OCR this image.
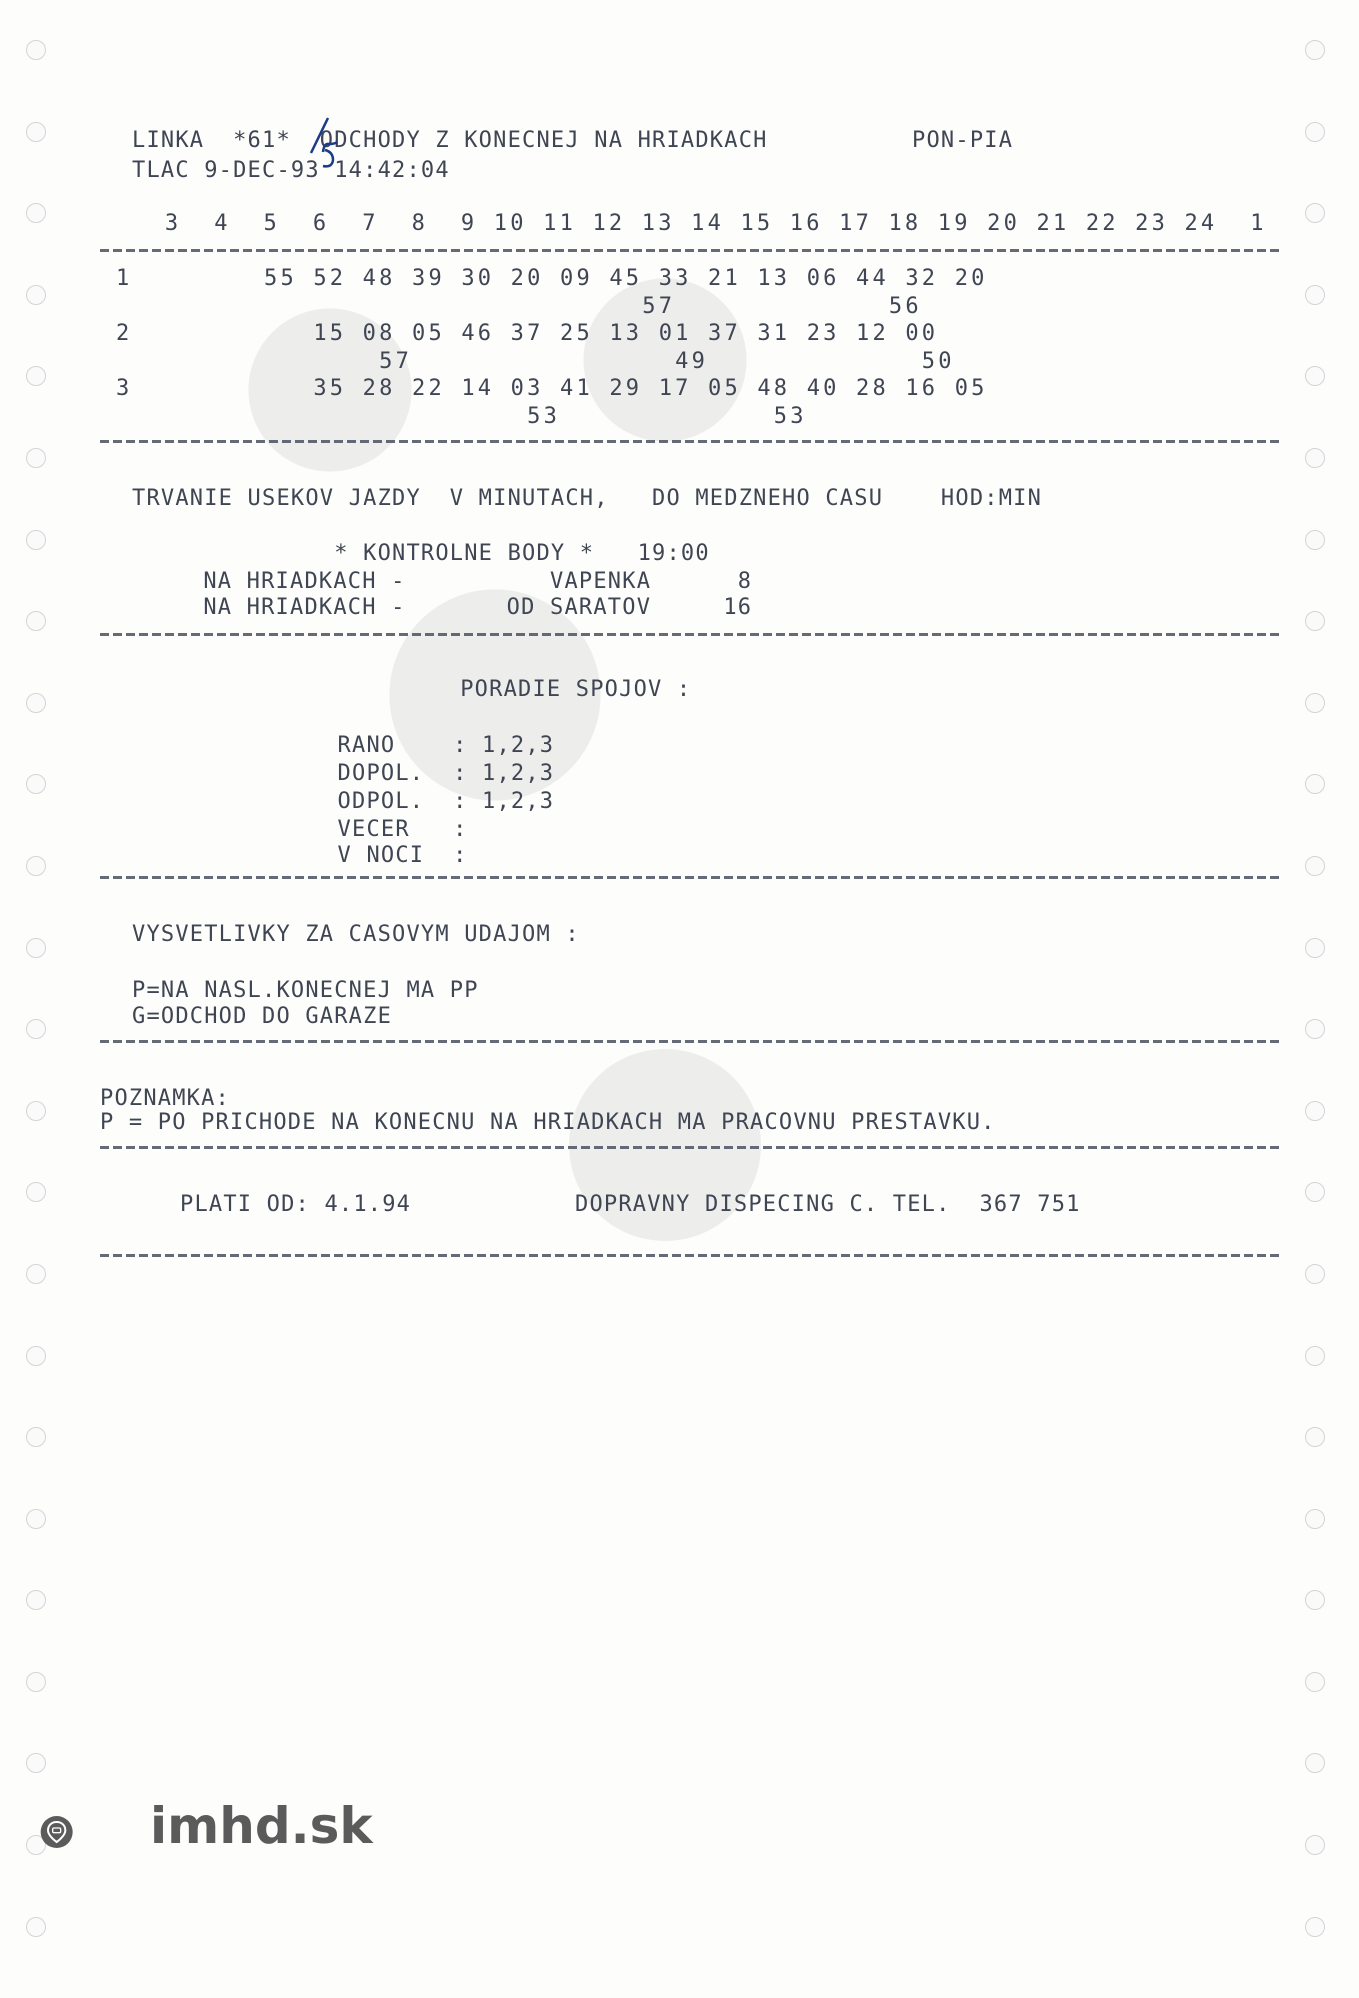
LINKA  *61*  ODCHODY Z KONECNEJ NA HRIADKACH          PON-PIA
TLAC 9-DEC-93 14:42:04
3  4  5  6  7  8  9 10 11 12 13 14 15 16 17 18 19 20 21 22 23 24  1
1        55 52 48 39 30 20 09 45 33 21 13 06 44 32 20
57             56
2           15 08 05 46 37 25 13 01 37 31 23 12 00
57                49             50
3           35 28 22 14 03 41 29 17 05 48 40 28 16 05
53             53
TRVANIE USEKOV JAZDY  V MINUTACH,   DO MEDZNEHO CASU    HOD:MIN
* KONTROLNE BODY *   19:00
NA HRIADKACH -          VAPENKA      8
NA HRIADKACH -       OD SARATOV     16
PORADIE SPOJOV :
RANO    : 1,2,3
DOPOL.  : 1,2,3
ODPOL.  : 1,2,3
VECER   :
V NOCI  :
VYSVETLIVKY ZA CASOVYM UDAJOM :
P=NA NASL.KONECNEJ MA PP
G=ODCHOD DO GARAZE
POZNAMKA:
P = PO PRICHODE NA KONECNU NA HRIADKACH MA PRACOVNU PRESTAVKU.
PLATI OD: 4.1.94	DOPRAVNY DISPECING C. TEL.  367 751
imhd.sk
